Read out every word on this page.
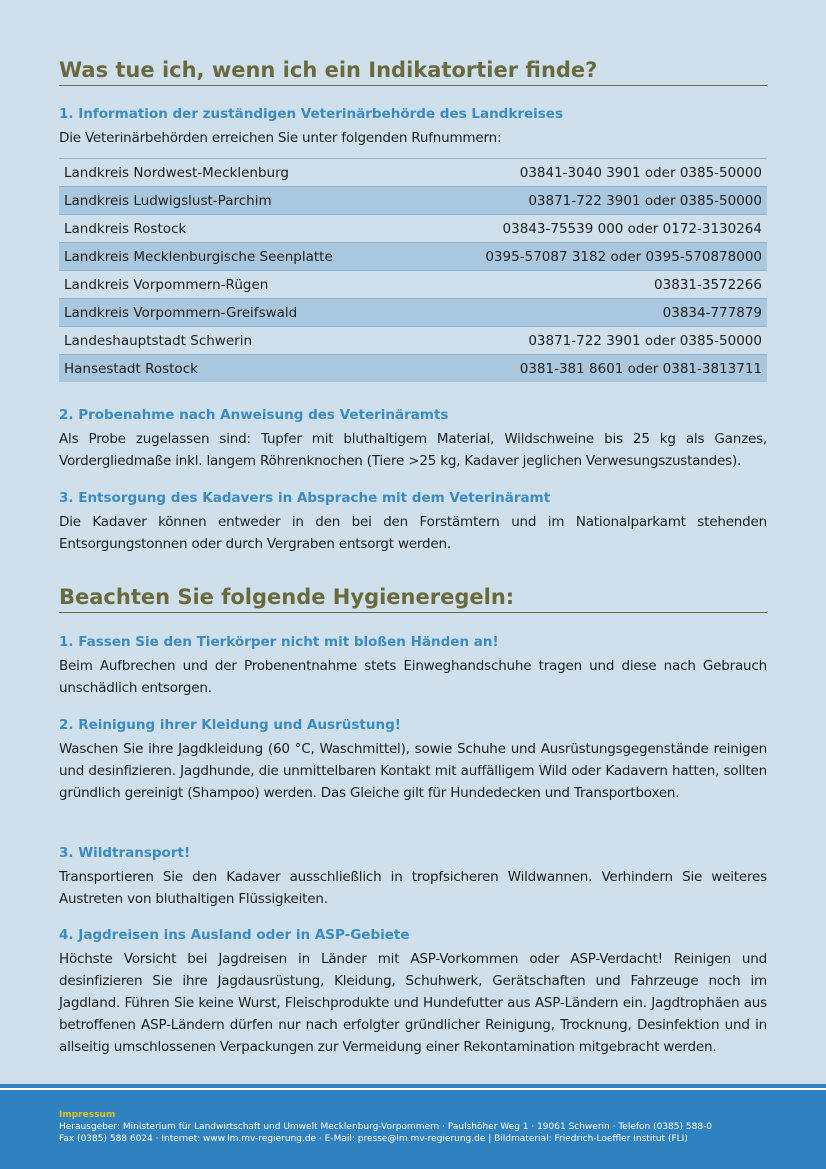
Was tue ich, wenn ich ein Indikatortier finde?
1. Information der zuständigen Veterinärbehörde des Landkreises

Die Veterinärbehörden erreichen Sie unter folgenden Rufnummern:

Landkreis Nordwest-Mecklenburg	03841-3040 3901 oder 0385-50000
Landkreis Ludwigslust-Parchim	03871-722 3901 oder 0385-50000
Landkreis Rostock	03843-75539 000 oder 0172-3130264
Landkreis Mecklenburgische Seenplatte	0395-57087 3182 oder 0395-570878000
Landkreis Vorpommern-Rügen	03831-3572266
Landkreis Vorpommern-Greifswald	03834-777879
Landeshauptstadt Schwerin	03871-722 3901 oder 0385-50000
Hansestadt Rostock	0381-381 8601 oder 0381-3813711
2. Probenahme nach Anweisung des Veterinäramts

Als Probe zugelassen sind: Tupfer mit bluthaltigem Material, Wildschweine bis 25 kg als Ganzes, Vordergliedmaße inkl. langem Röhrenknochen (Tiere >25 kg, Kadaver jeglichen Verwesungszustandes).

3. Entsorgung des Kadavers in Absprache mit dem Veterinäramt

Die Kadaver können entweder in den bei den Forstämtern und im Nationalparkamt stehenden Entsorgungstonnen oder durch Vergraben entsorgt werden.

Beachten Sie folgende Hygieneregeln:
1. Fassen Sie den Tierkörper nicht mit bloßen Händen an!

Beim Aufbrechen und der Probenentnahme stets Einweghandschuhe tragen und diese nach Gebrauch unschädlich entsorgen.

2. Reinigung ihrer Kleidung und Ausrüstung!

Waschen Sie ihre Jagdkleidung (60 °C, Waschmittel), sowie Schuhe und Ausrüstungsgegenstände reinigen und desinfizieren. Jagdhunde, die unmittelbaren Kontakt mit auffälligem Wild oder Kadavern hatten, sollten gründlich gereinigt (Shampoo) werden. Das Gleiche gilt für Hundedecken und Transportboxen.

3. Wildtransport!

Transportieren Sie den Kadaver ausschließlich in tropfsicheren Wildwannen. Verhindern Sie weiteres Austreten von bluthaltigen Flüssigkeiten.

4. Jagdreisen ins Ausland oder in ASP-Gebiete

Höchste Vorsicht bei Jagdreisen in Länder mit ASP-Vorkommen oder ASP-Verdacht! Reinigen und desinfizieren Sie ihre Jagdausrüstung, Kleidung, Schuhwerk, Gerätschaften und Fahrzeuge noch im Jagdland. Führen Sie keine Wurst, Fleischprodukte und Hundefutter aus ASP-Ländern ein. Jagdtrophäen aus betroffenen ASP-Ländern dürfen nur nach erfolgter gründlicher Reinigung, Trocknung, Desinfektion und in allseitig umschlossenen Verpackungen zur Vermeidung einer Rekontamination mitgebracht werden.

Impressum
Herausgeber: Ministerium für Landwirtschaft und Umwelt Mecklenburg-Vorpommern · Paulshöher Weg 1 · 19061 Schwerin · Telefon (0385) 588-0
Fax (0385) 588 6024 · Internet: www.lm.mv-regierung.de · E-Mail: presse@lm.mv-regierung.de | Bildmaterial: Friedrich-Loeffler Institut (FLI)
